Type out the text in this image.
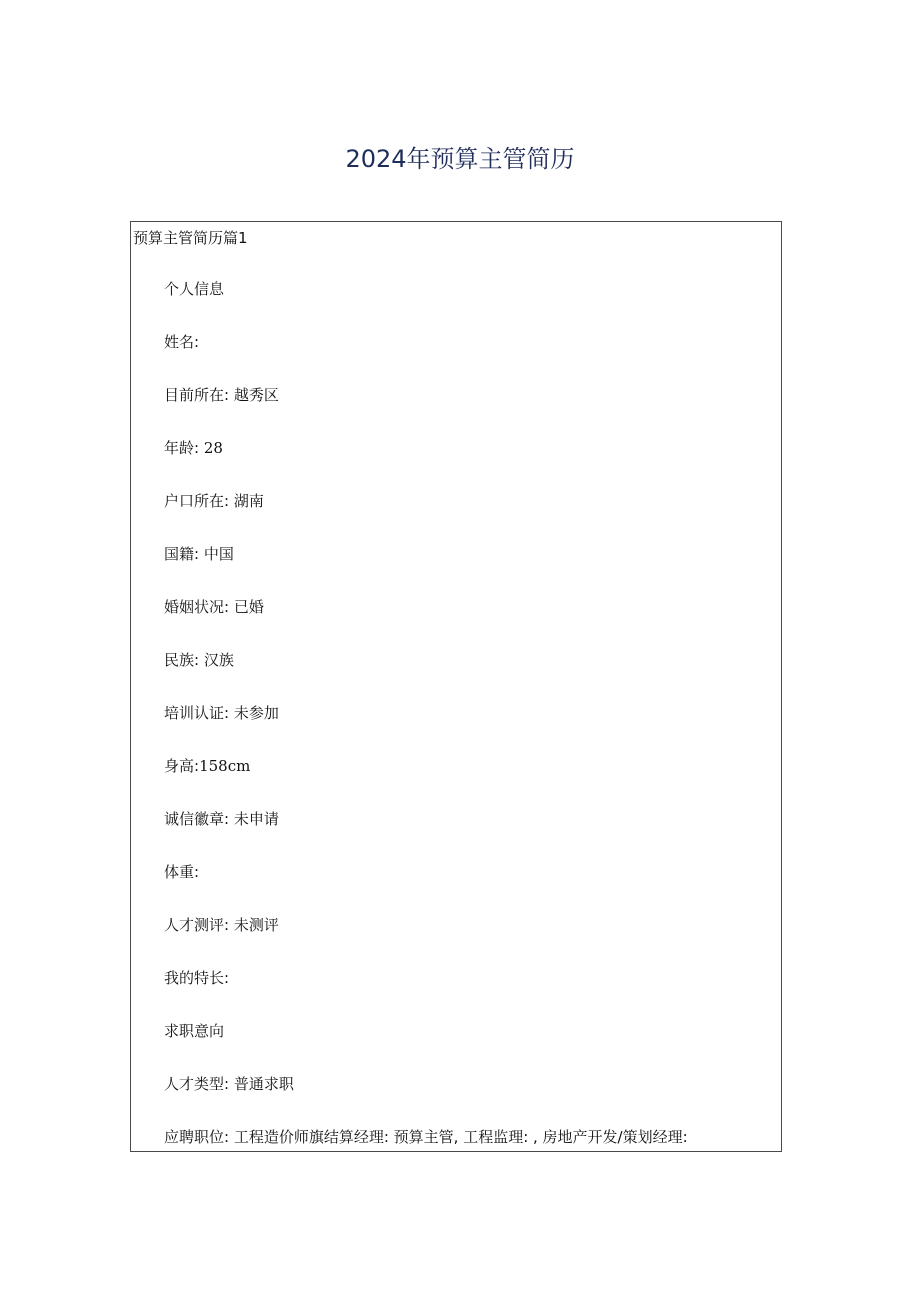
2024年预算主管简历
预算主管简历篇1
个人信息
姓名:
目前所在: 越秀区
年龄: 28
户口所在: 湖南
国籍: 中国
婚姻状况: 已婚
民族: 汉族
培训认证: 未参加
身高:158cm
诚信徽章: 未申请
体重:
人才测评: 未测评
我的特长:
求职意向
人才类型: 普通求职
应聘职位: 工程造价师旗结算经理: 预算主管, 工程监理: , 房地产开发/策划经理:
